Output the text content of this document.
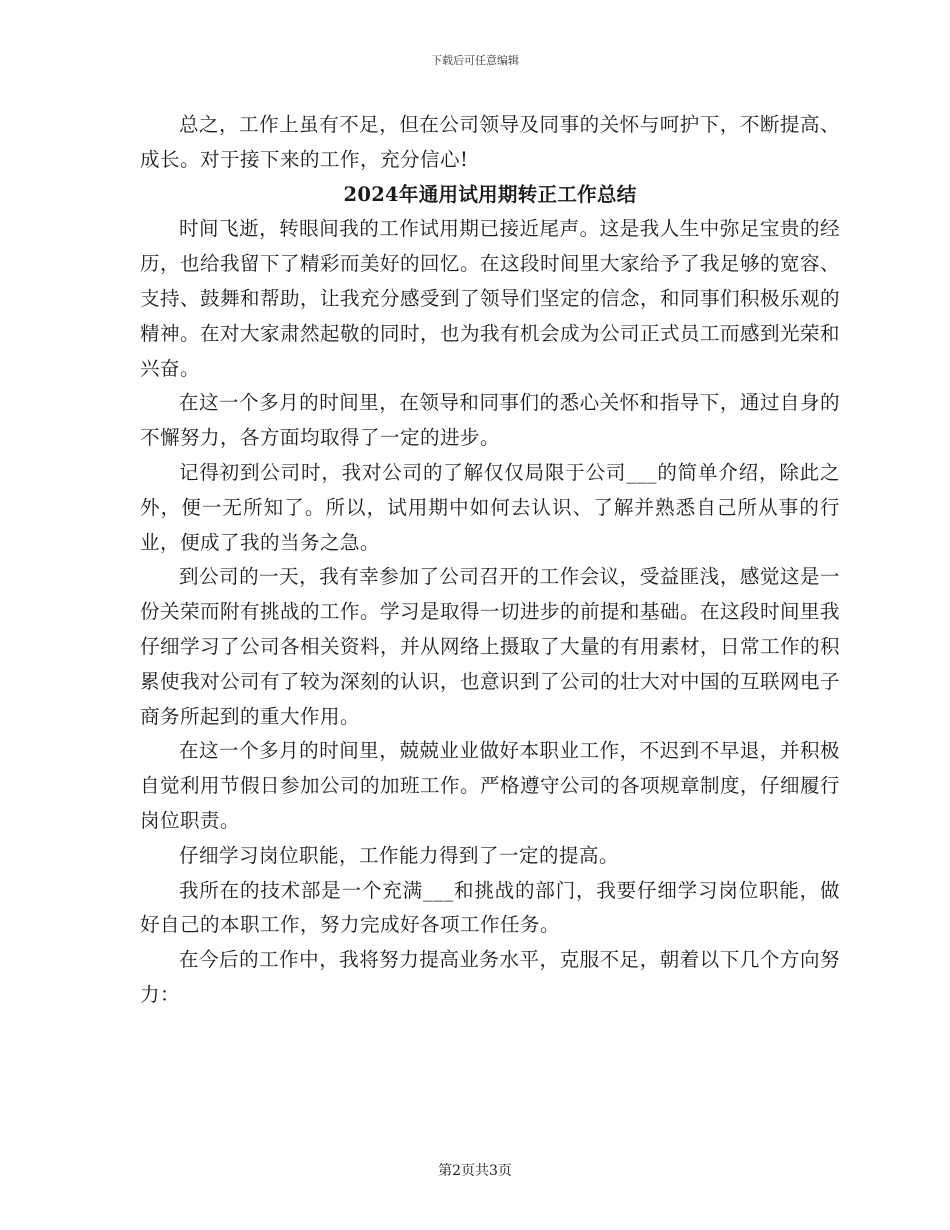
下载后可任意编辑

总之，工作上虽有不足，但在公司领导及同事的关怀与呵护下，不断提高、成长。对于接下来的工作，充分信心!

2024年通用试用期转正工作总结

时间飞逝，转眼间我的工作试用期已接近尾声。这是我人生中弥足宝贵的经历，也给我留下了精彩而美好的回忆。在这段时间里大家给予了我足够的宽容、支持、鼓舞和帮助，让我充分感受到了领导们坚定的信念，和同事们积极乐观的精神。在对大家肃然起敬的同时，也为我有机会成为公司正式员工而感到光荣和兴奋。

在这一个多月的时间里，在领导和同事们的悉心关怀和指导下，通过自身的不懈努力，各方面均取得了一定的进步。

记得初到公司时，我对公司的了解仅仅局限于公司___的简单介绍，除此之外，便一无所知了。所以，试用期中如何去认识、了解并熟悉自己所从事的行业，便成了我的当务之急。

到公司的一天，我有幸参加了公司召开的工作会议，受益匪浅，感觉这是一份关荣而附有挑战的工作。学习是取得一切进步的前提和基础。在这段时间里我仔细学习了公司各相关资料，并从网络上摄取了大量的有用素材，日常工作的积累使我对公司有了较为深刻的认识，也意识到了公司的壮大对中国的互联网电子商务所起到的重大作用。

在这一个多月的时间里，兢兢业业做好本职业工作，不迟到不早退，并积极自觉利用节假日参加公司的加班工作。严格遵守公司的各项规章制度，仔细履行岗位职责。

仔细学习岗位职能，工作能力得到了一定的提高。

我所在的技术部是一个充满___和挑战的部门，我要仔细学习岗位职能，做好自己的本职工作，努力完成好各项工作任务。

在今后的工作中，我将努力提高业务水平，克服不足，朝着以下几个方向努力：

第2页共3页
